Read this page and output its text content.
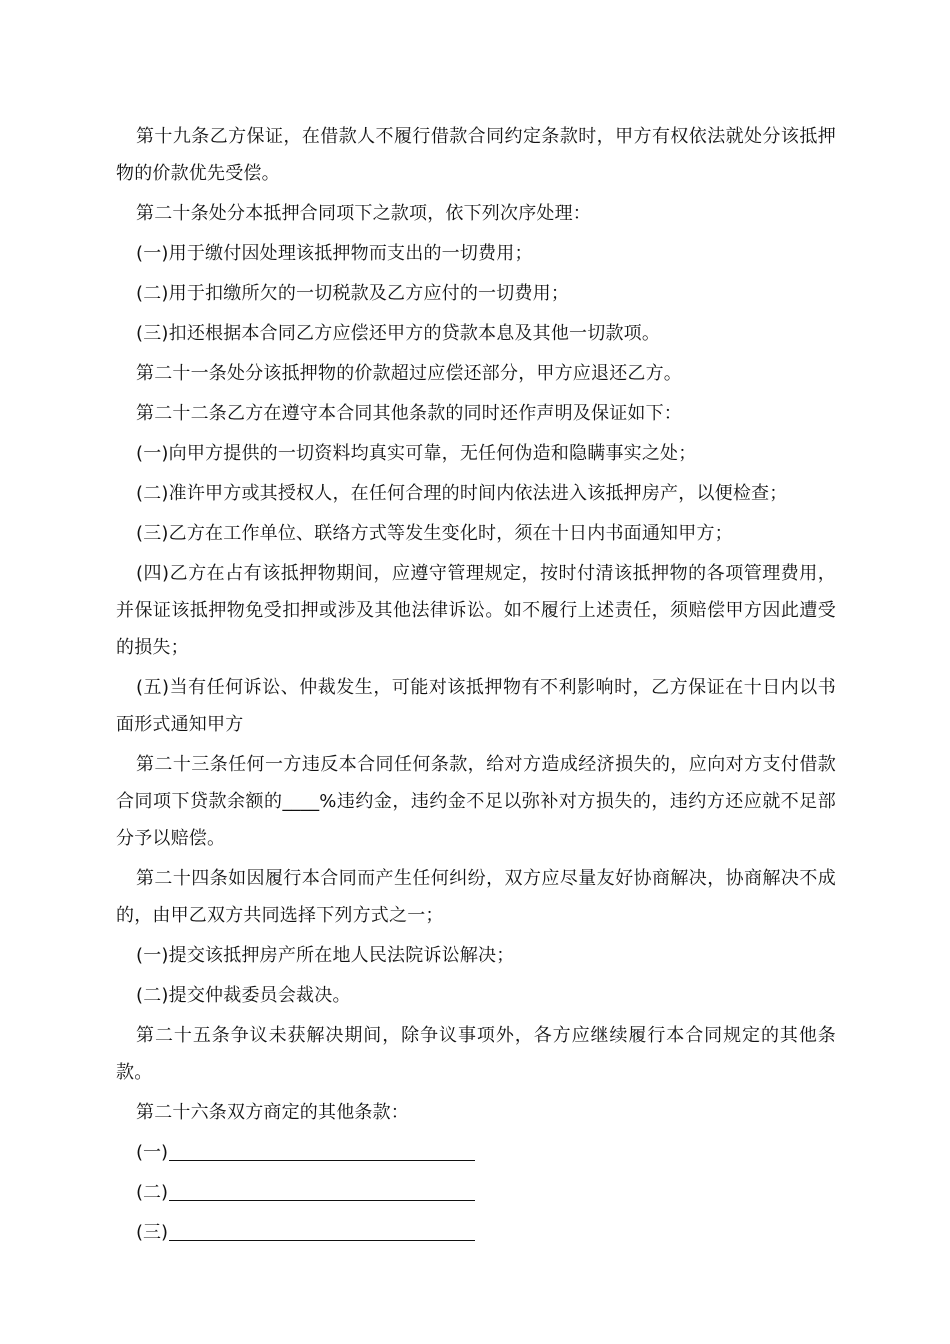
第十九条乙方保证，在借款人不履行借款合同约定条款时，甲方有权依法就处分该抵押物的价款优先受偿。

第二十条处分本抵押合同项下之款项，依下列次序处理：

(一)用于缴付因处理该抵押物而支出的一切费用；

(二)用于扣缴所欠的一切税款及乙方应付的一切费用；

(三)扣还根据本合同乙方应偿还甲方的贷款本息及其他一切款项。

第二十一条处分该抵押物的价款超过应偿还部分，甲方应退还乙方。

第二十二条乙方在遵守本合同其他条款的同时还作声明及保证如下：

(一)向甲方提供的一切资料均真实可靠，无任何伪造和隐瞒事实之处；

(二)准许甲方或其授权人，在任何合理的时间内依法进入该抵押房产，以便检查；

(三)乙方在工作单位、联络方式等发生变化时，须在十日内书面通知甲方；

(四)乙方在占有该抵押物期间，应遵守管理规定，按时付清该抵押物的各项管理费用，并保证该抵押物免受扣押或涉及其他法律诉讼。如不履行上述责任，须赔偿甲方因此遭受的损失；

(五)当有任何诉讼、仲裁发生，可能对该抵押物有不利影响时，乙方保证在十日内以书面形式通知甲方

第二十三条任何一方违反本合同任何条款，给对方造成经济损失的，应向对方支付借款合同项下贷款余额的____%违约金，违约金不足以弥补对方损失的，违约方还应就不足部分予以赔偿。

第二十四条如因履行本合同而产生任何纠纷，双方应尽量友好协商解决，协商解决不成的，由甲乙双方共同选择下列方式之一；

(一)提交该抵押房产所在地人民法院诉讼解决；

(二)提交仲裁委员会裁决。

第二十五条争议未获解决期间，除争议事项外，各方应继续履行本合同规定的其他条款。

第二十六条双方商定的其他条款：

(一)
(二)
(三)
